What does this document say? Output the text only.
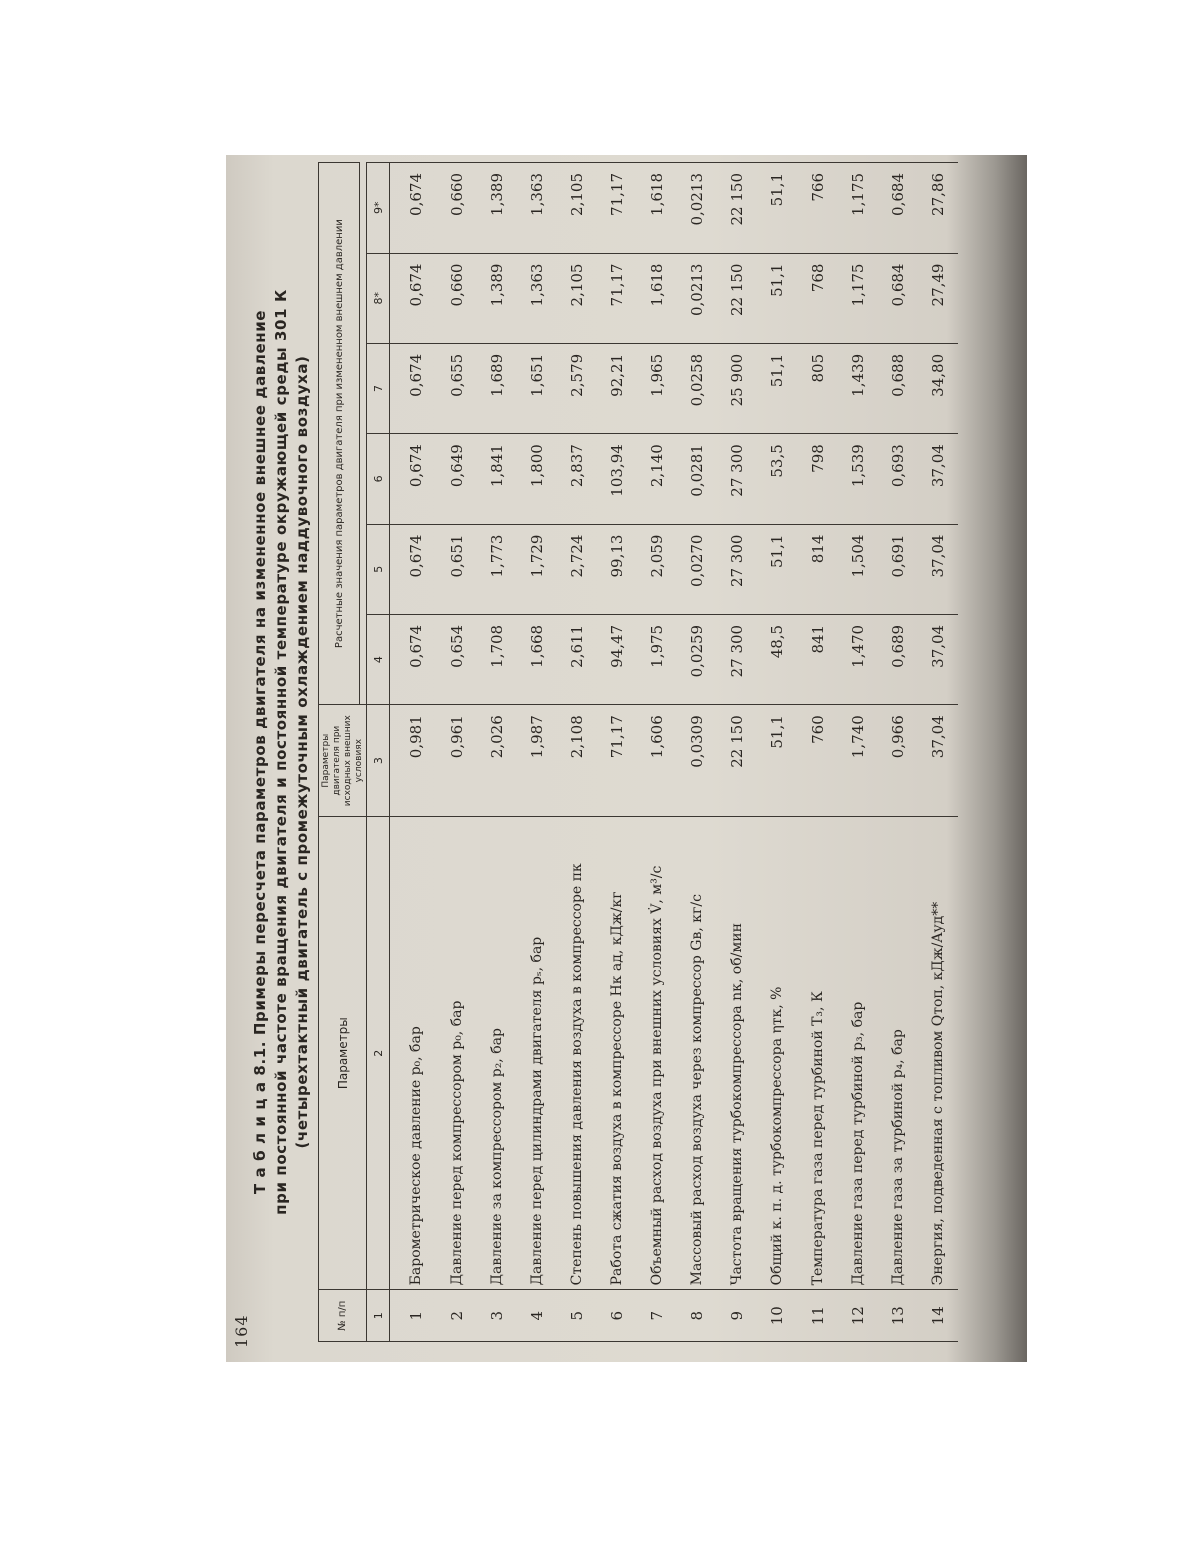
164
Т а б л и ц а 8.1. Примеры пересчета параметров двигателя на измененное внешнее давление при постоянной частоте вращения двигателя и постоянной температуре окружающей среды 301 К (четырехтактный двигатель с промежуточным охлаждением наддувочного воздуха)
№ п/п	Параметры	Параметры двигателя при исходных внешних условиях	Расчетные значения параметров двигателя при измененном внешнем давлении					

1	2	3	4	5	6	7	8*	9*
1	Барометрическое давление p₀, бар	0,981	0,674	0,674	0,674	0,674	0,674	0,674
2	Давление перед компрессором p₀, бар	0,961	0,654	0,651	0,649	0,655	0,660	0,660
3	Давление за компрессором p₂, бар	2,026	1,708	1,773	1,841	1,689	1,389	1,389
4	Давление перед цилиндрами двигателя pₛ, бар	1,987	1,668	1,729	1,800	1,651	1,363	1,363
5	Степень повышения давления воздуха в компрессоре πк	2,108	2,611	2,724	2,837	2,579	2,105	2,105
6	Работа сжатия воздуха в компрессоре Hк ад, кДж/кг	71,17	94,47	99,13	103,94	92,21	71,17	71,17
7	Объемный расход воздуха при внешних условиях V̇, м³/с	1,606	1,975	2,059	2,140	1,965	1,618	1,618
8	Массовый расход воздуха через компрессор Gв, кг/с	0,0309	0,0259	0,0270	0,0281	0,0258	0,0213	0,0213
9	Частота вращения турбокомпрессора nк, об/мин	22 150	27 300	27 300	27 300	25 900	22 150	22 150
10	Общий к. п. д. турбокомпрессора ηтк, %	51,1	48,5	51,1	53,5	51,1	51,1	51,1
11	Температура газа перед турбиной T₃, К	760	841	814	798	805	768	766
12	Давление газа перед турбиной p₃, бар	1,740	1,470	1,504	1,539	1,439	1,175	1,175
13	Давление газа за турбиной p₄, бар	0,966	0,689	0,691	0,693	0,688	0,684	0,684
14	Энергия, подведенная с топливом Qтоп, кДж/Aуд**	37,04	37,04	37,04	37,04	34,80	27,49	27,86
